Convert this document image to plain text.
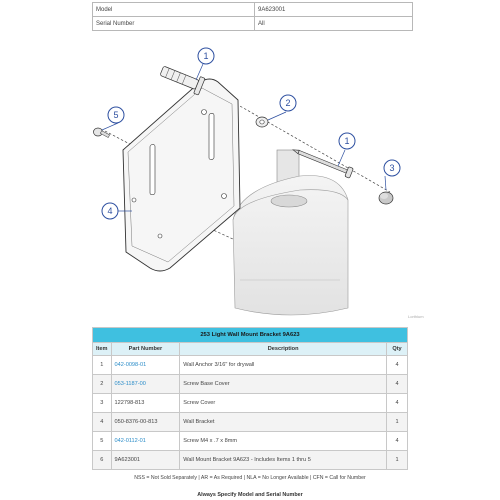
Model	9A623001
Serial Number	All
1
2
1
3
5
4
Lorthium
253 Light Wall Mount Bracket 9A623			
Item	Part Number	Description	Qty
1	042-0098-01	Wall Anchor 3/16" for drywall	4
2	053-1187-00	Screw Base Cover	4
3	122798-813	Screw Cover	4
4	050-8376-00-813	Wall Bracket	1
5	042-0112-01	Screw M4 x .7 x 8mm	4
6	9A623001	Wall Mount Bracket 9A623 - Includes Items 1 thru 5	1
NSS = Not Sold Separately | AR = As Required | NLA = No Longer Available | CFN = Call for Number			
Always Specify Model and Serial Number			
